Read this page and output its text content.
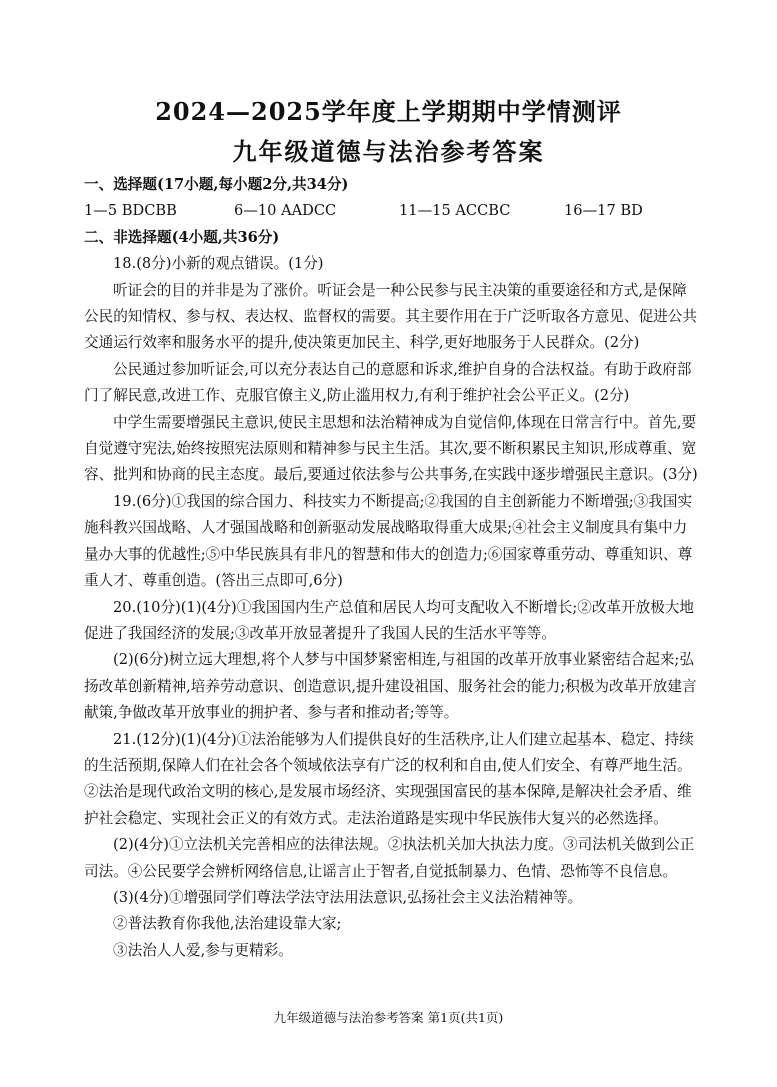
2024—2025学年度上学期期中学情测评
九年级道德与法治参考答案

一、选择题(17小题,每小题2分,共34分)

1—5 BDCBB	6—10 AADCC	11—15 ACCBC	16—17 BD

二、非选择题(4小题,共36分)

18.(8分)小新的观点错误。(1分)

听证会的目的并非是为了涨价。听证会是一种公民参与民主决策的重要途径和方式,是保障公民的知情权、参与权、表达权、监督权的需要。其主要作用在于广泛听取各方意见、促进公共交通运行效率和服务水平的提升,使决策更加民主、科学,更好地服务于人民群众。(2分)

公民通过参加听证会,可以充分表达自己的意愿和诉求,维护自身的合法权益。有助于政府部门了解民意,改进工作、克服官僚主义,防止滥用权力,有利于维护社会公平正义。(2分)

中学生需要增强民主意识,使民主思想和法治精神成为自觉信仰,体现在日常言行中。首先,要自觉遵守宪法,始终按照宪法原则和精神参与民主生活。其次,要不断积累民主知识,形成尊重、宽容、批判和协商的民主态度。最后,要通过依法参与公共事务,在实践中逐步增强民主意识。(3分)

19.(6分)①我国的综合国力、科技实力不断提高;②我国的自主创新能力不断增强;③我国实施科教兴国战略、人才强国战略和创新驱动发展战略取得重大成果;④社会主义制度具有集中力量办大事的优越性;⑤中华民族具有非凡的智慧和伟大的创造力;⑥国家尊重劳动、尊重知识、尊重人才、尊重创造。(答出三点即可,6分)

20.(10分)(1)(4分)①我国国内生产总值和居民人均可支配收入不断增长;②改革开放极大地促进了我国经济的发展;③改革开放显著提升了我国人民的生活水平等等。

(2)(6分)树立远大理想,将个人梦与中国梦紧密相连,与祖国的改革开放事业紧密结合起来;弘扬改革创新精神,培养劳动意识、创造意识,提升建设祖国、服务社会的能力;积极为改革开放建言献策,争做改革开放事业的拥护者、参与者和推动者;等等。

21.(12分)(1)(4分)①法治能够为人们提供良好的生活秩序,让人们建立起基本、稳定、持续的生活预期,保障人们在社会各个领域依法享有广泛的权利和自由,使人们安全、有尊严地生活。②法治是现代政治文明的核心,是发展市场经济、实现强国富民的基本保障,是解决社会矛盾、维护社会稳定、实现社会正义的有效方式。走法治道路是实现中华民族伟大复兴的必然选择。

(2)(4分)①立法机关完善相应的法律法规。②执法机关加大执法力度。③司法机关做到公正司法。④公民要学会辨析网络信息,让谣言止于智者,自觉抵制暴力、色情、恐怖等不良信息。

(3)(4分)①增强同学们尊法学法守法用法意识,弘扬社会主义法治精神等。

②普法教育你我他,法治建设靠大家;

③法治人人爱,参与更精彩。

九年级道德与法治参考答案 第1页(共1页)
